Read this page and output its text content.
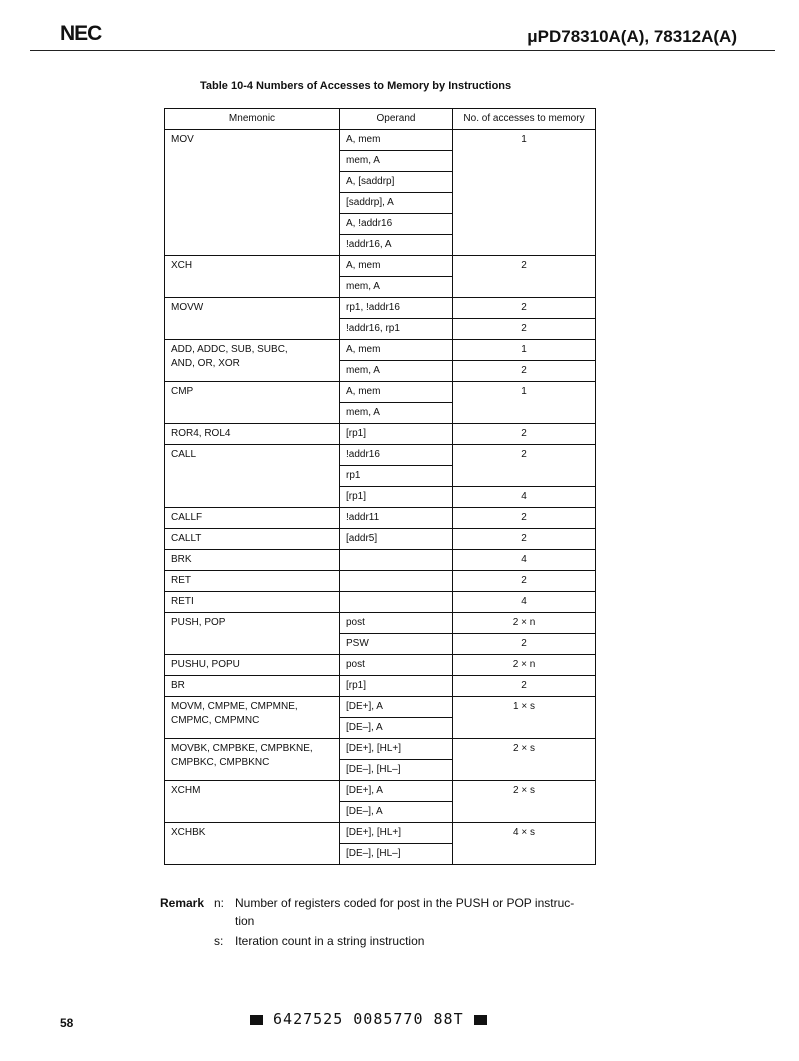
NEC	μPD78310A(A), 78312A(A)
Table 10-4 Numbers of Accesses to Memory by Instructions
Mnemonic	Operand	No. of accesses to memory
MOV	A, mem	1
	mem, A	
	A, [saddrp]	
	[saddrp], A	
	A, !addr16	
	!addr16, A	
XCH	A, mem	2
	mem, A	
MOVW	rp1, !addr16	2
	!addr16, rp1	2

ADD, ADDC, SUB, SUBC,
AND, OR, XOR	A, mem	1
	mem, A	2
CMP	A, mem	1
	mem, A	
ROR4, ROL4	[rp1]	2
CALL	!addr16	2
	rp1	
	[rp1]	4
CALLF	!addr11	2
CALLT	[addr5]	2
BRK		4
RET		2
RETI		4
PUSH, POP	post	2 × n
	PSW	2
PUSHU, POPU	post	2 × n
BR	[rp1]	2

MOVM, CMPME, CMPMNE,
CMPMC, CMPMNC	[DE+], A	1 × s
	[DE–], A	

MOVBK, CMPBKE, CMPBKNE,
CMPBKC, CMPBKNC	[DE+], [HL+]	2 × s
	[DE–], [HL–]	
XCHM	[DE+], A	2 × s
	[DE–], A	
XCHBK	[DE+], [HL+]	4 × s
	[DE–], [HL–]	
Remark n: Number of registers coded for post in the PUSH or POP instruc-
tion
s: Iteration count in a string instruction
6427525 0085770 88T
58
